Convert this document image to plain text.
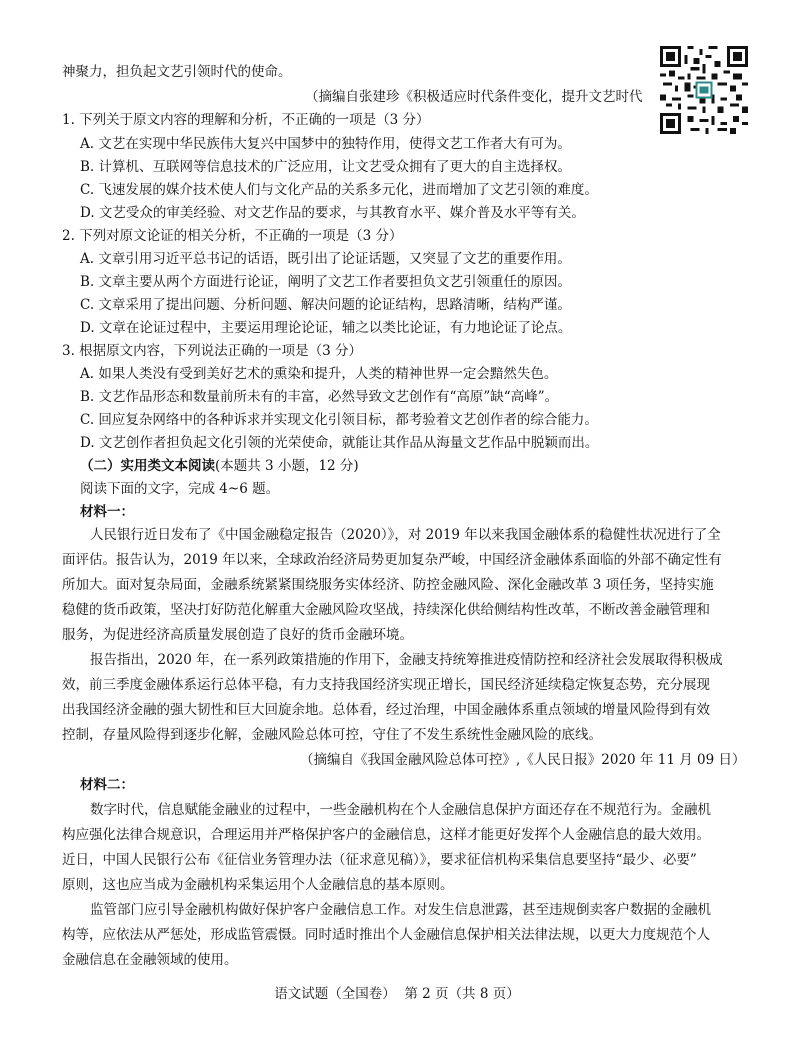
神聚力，担负起文艺引领时代的使命。
（摘编自张建珍《积极适应时代条件变化，提升文艺时代
1. 下列关于原文内容的理解和分析，不正确的一项是（3 分）
A. 文艺在实现中华民族伟大复兴中国梦中的独特作用，使得文艺工作者大有可为。
B. 计算机、互联网等信息技术的广泛应用，让文艺受众拥有了更大的自主选择权。
C. 飞速发展的媒介技术使人们与文化产品的关系多元化，进而增加了文艺引领的难度。
D. 文艺受众的审美经验、对文艺作品的要求，与其教育水平、媒介普及水平等有关。
2. 下列对原文论证的相关分析，不正确的一项是（3 分）
A. 文章引用习近平总书记的话语，既引出了论证话题，又突显了文艺的重要作用。
B. 文章主要从两个方面进行论证，阐明了文艺工作者要担负文艺引领重任的原因。
C. 文章采用了提出问题、分析问题、解决问题的论证结构，思路清晰，结构严谨。
D. 文章在论证过程中，主要运用理论论证，辅之以类比论证，有力地论证了论点。
3. 根据原文内容，下列说法正确的一项是（3 分）
A. 如果人类没有受到美好艺术的熏染和提升，人类的精神世界一定会黯然失色。
B. 文艺作品形态和数量前所未有的丰富，必然导致文艺创作有“高原”缺“高峰”。
C. 回应复杂网络中的各种诉求并实现文化引领目标，都考验着文艺创作者的综合能力。
D. 文艺创作者担负起文化引领的光荣使命，就能让其作品从海量文艺作品中脱颖而出。
（二）实用类文本阅读(本题共 3 小题，12 分)
阅读下面的文字，完成 4~6 题。
材料一：
人民银行近日发布了《中国金融稳定报告（2020）》，对 2019 年以来我国金融体系的稳健性状况进行了全
面评估。报告认为，2019 年以来，全球政治经济局势更加复杂严峻，中国经济金融体系面临的外部不确定性有
所加大。面对复杂局面，金融系统紧紧围绕服务实体经济、防控金融风险、深化金融改革 3 项任务，坚持实施
稳健的货币政策，坚决打好防范化解重大金融风险攻坚战，持续深化供给侧结构性改革，不断改善金融管理和
服务，为促进经济高质量发展创造了良好的货币金融环境。
报告指出，2020 年，在一系列政策措施的作用下，金融支持统筹推进疫情防控和经济社会发展取得积极成
效，前三季度金融体系运行总体平稳，有力支持我国经济实现正增长，国民经济延续稳定恢复态势，充分展现
出我国经济金融的强大韧性和巨大回旋余地。总体看，经过治理，中国金融体系重点领域的增量风险得到有效
控制，存量风险得到逐步化解，金融风险总体可控，守住了不发生系统性金融风险的底线。
（摘编自《我国金融风险总体可控》,《人民日报》2020 年 11 月 09 日）
材料二：
数字时代，信息赋能金融业的过程中，一些金融机构在个人金融信息保护方面还存在不规范行为。金融机
构应强化法律合规意识，合理运用并严格保护客户的金融信息，这样才能更好发挥个人金融信息的最大效用。
近日，中国人民银行公布《征信业务管理办法（征求意见稿）》，要求征信机构采集信息要坚持“最少、必要”
原则，这也应当成为金融机构采集运用个人金融信息的基本原则。
监管部门应引导金融机构做好保护客户金融信息工作。对发生信息泄露，甚至违规倒卖客户数据的金融机
构等，应依法从严惩处，形成监管震慑。同时适时推出个人金融信息保护相关法律法规，以更大力度规范个人
金融信息在金融领域的使用。
语文试题（全国卷） 第 2 页（共 8 页）
